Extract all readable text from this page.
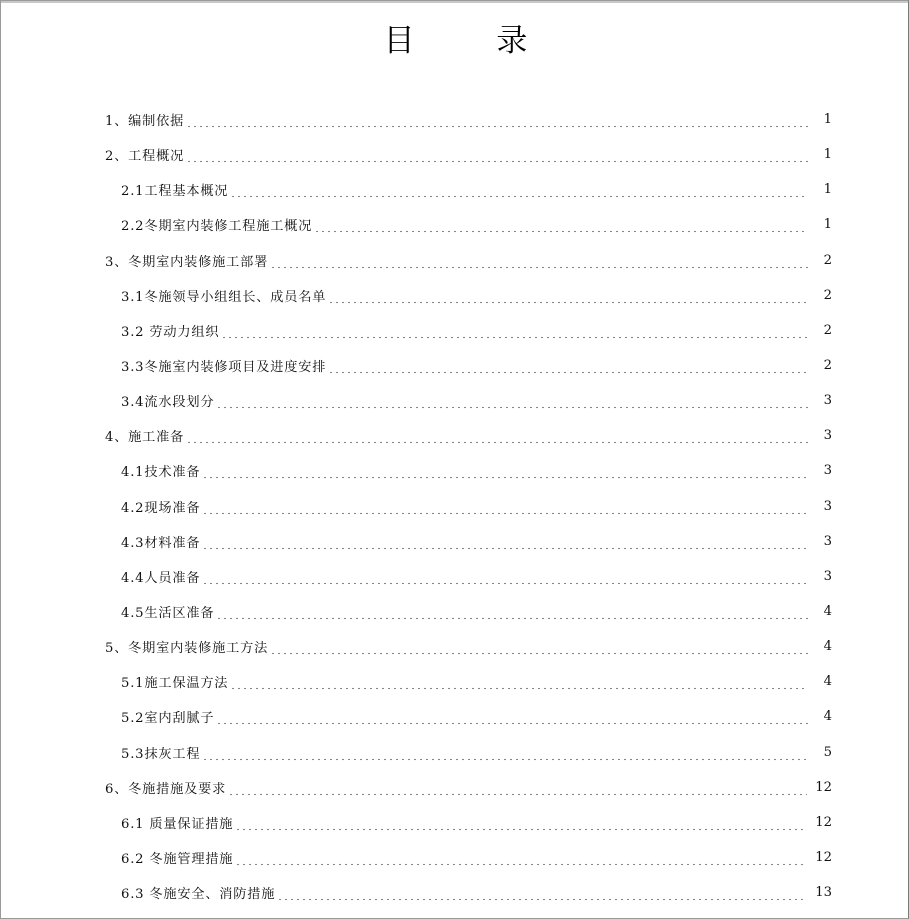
目 录
1、编制依据	1
2、工程概况	1
2.1工程基本概况	1
2.2冬期室内装修工程施工概况	1
3、冬期室内装修施工部署	2
3.1冬施领导小组组长、成员名单	2
3.2 劳动力组织	2
3.3冬施室内装修项目及进度安排	2
3.4流水段划分	3
4、施工准备	3
4.1技术准备	3
4.2现场准备	3
4.3材料准备	3
4.4人员准备	3
4.5生活区准备	4
5、冬期室内装修施工方法	4
5.1施工保温方法	4
5.2室内刮腻子	4
5.3抹灰工程	5
6、冬施措施及要求	12
6.1 质量保证措施	12
6.2 冬施管理措施	12
6.3 冬施安全、消防措施	13
